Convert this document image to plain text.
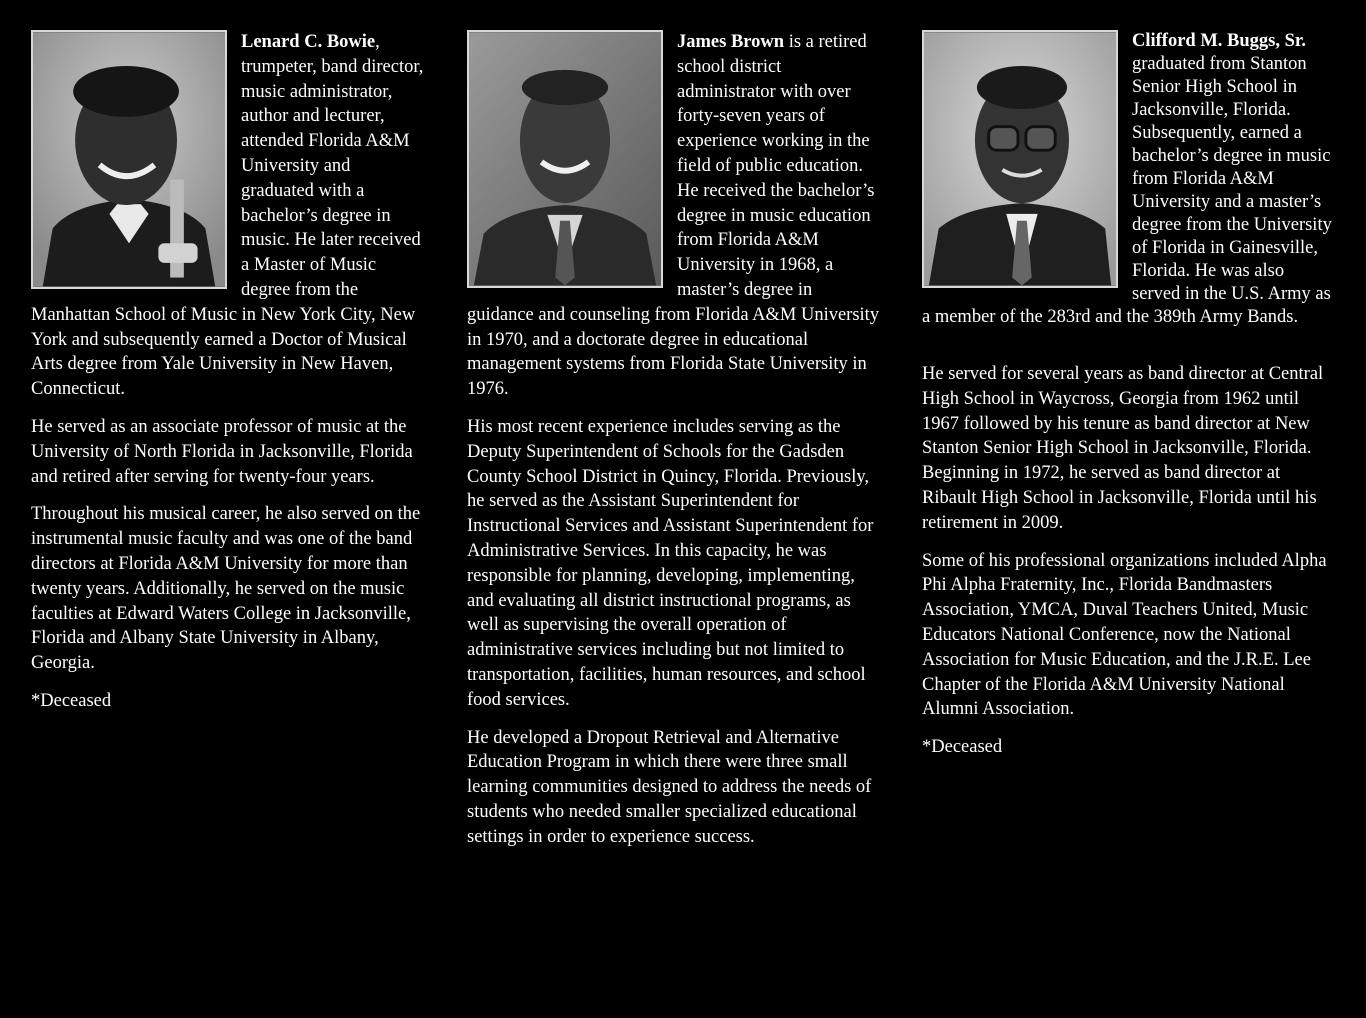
Lenard C. Bowie, trumpeter, band director, music administrator, author and lecturer, attended Florida A&M University and graduated with a bachelor’s degree in music. He later received a Master of Music degree from the Manhattan School of Music in New York City, New York and subsequently earned a Doctor of Musical Arts degree from Yale University in New Haven, Connecticut.

He served as an associate professor of music at the University of North Florida in Jacksonville, Florida and retired after serving for twenty-four years.

Throughout his musical career, he also served on the instrumental music faculty and was one of the band directors at Florida A&M University for more than twenty years. Additionally, he served on the music faculties at Edward Waters College in Jacksonville, Florida and Albany State University in Albany, Georgia.

*Deceased

James Brown is a retired school district administrator with over forty-seven years of experience working in the field of public education. He received the bachelor’s degree in music education from Florida A&M University in 1968, a master’s degree in guidance and counseling from Florida A&M University in 1970, and a doctorate degree in educational management systems from Florida State University in 1976.

His most recent experience includes serving as the Deputy Superintendent of Schools for the Gadsden County School District in Quincy, Florida. Previously, he served as the Assistant Superintendent for Instructional Services and Assistant Superintendent for Administrative Services. In this capacity, he was responsible for planning, developing, implementing, and evaluating all district instructional programs, as well as supervising the overall operation of administrative services including but not limited to transportation, facilities, human resources, and school food services.

He developed a Dropout Retrieval and Alternative Education Program in which there were three small learning communities designed to address the needs of students who needed smaller specialized educational settings in order to experience success.

Clifford M. Buggs, Sr. graduated from Stanton Senior High School in Jacksonville, Florida. Subsequently, earned a bachelor’s degree in music from Florida A&M University and a master’s degree from the University of Florida in Gainesville, Florida. He was also served in the U.S. Army as a member of the 283rd and the 389th Army Bands.

He served for several years as band director at Central High School in Waycross, Georgia from 1962 until 1967 followed by his tenure as band director at New Stanton Senior High School in Jacksonville, Florida. Beginning in 1972, he served as band director at Ribault High School in Jacksonville, Florida until his retirement in 2009.

Some of his professional organizations included Alpha Phi Alpha Fraternity, Inc., Florida Bandmasters Association, YMCA, Duval Teachers United, Music Educators National Conference, now the National Association for Music Education, and the J.R.E. Lee Chapter of the Florida A&M University National Alumni Association.

*Deceased
